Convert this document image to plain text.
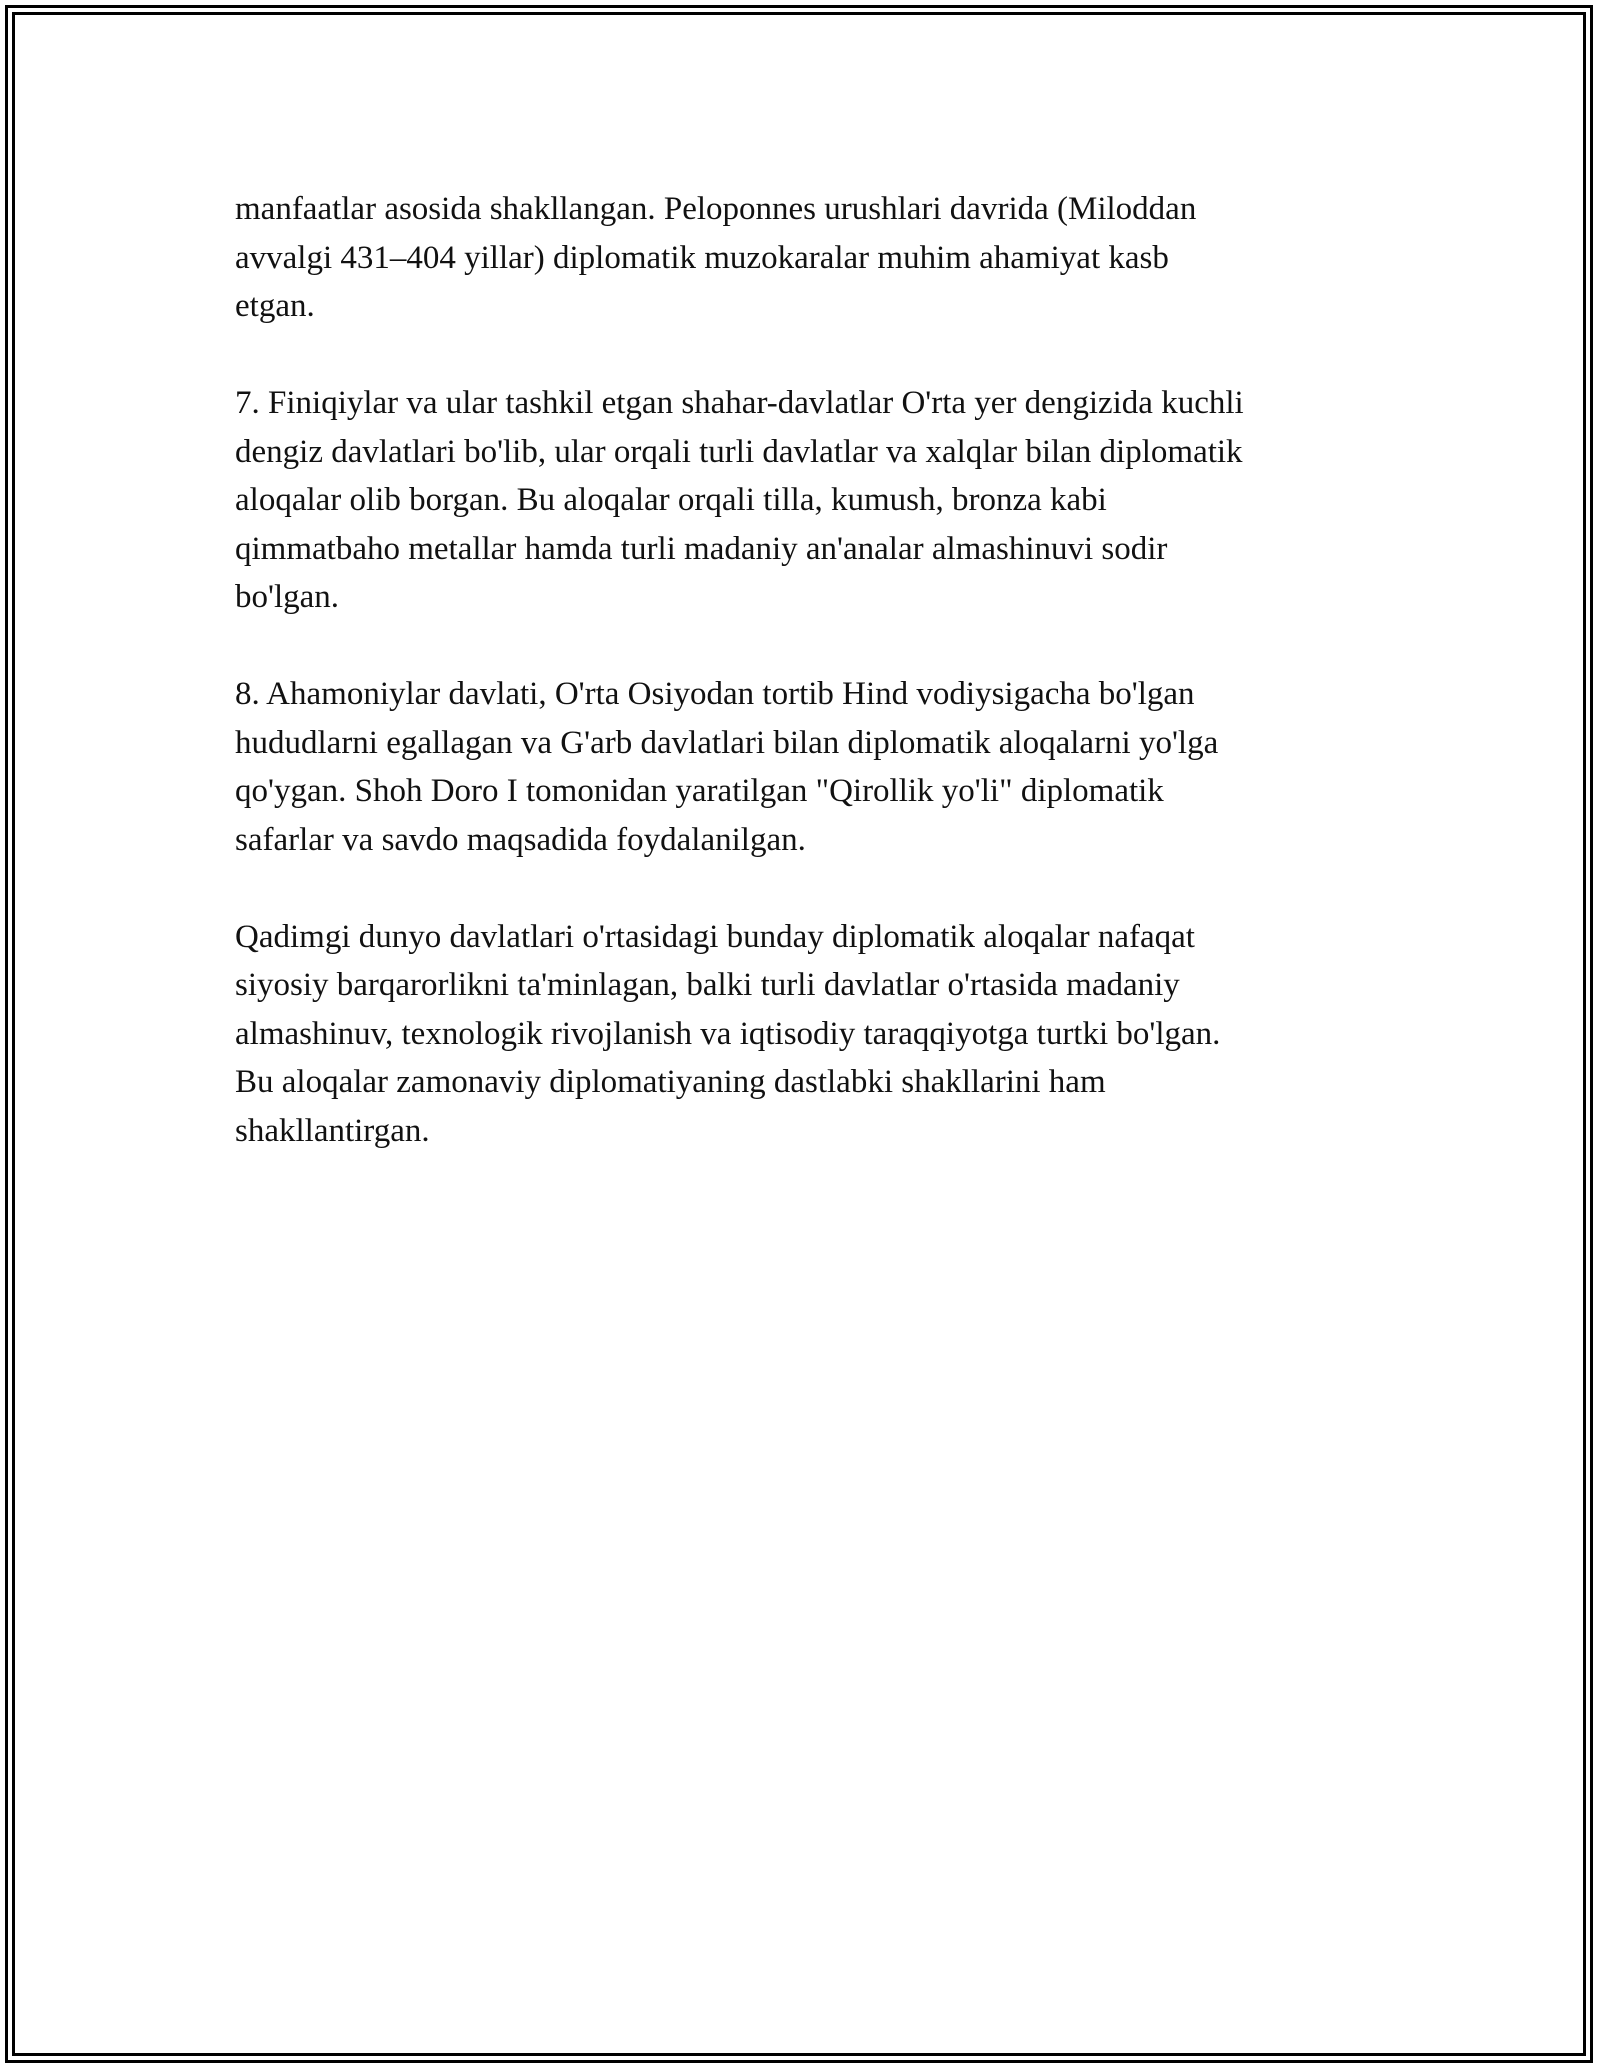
manfaatlar asosida shakllangan. Peloponnes urushlari davrida (Miloddan
avvalgi 431–404 yillar) diplomatik muzokaralar muhim ahamiyat kasb
etgan.
7. Finiqiylar va ular tashkil etgan shahar-davlatlar O'rta yer dengizida kuchli
dengiz davlatlari bo'lib, ular orqali turli davlatlar va xalqlar bilan diplomatik
aloqalar olib borgan. Bu aloqalar orqali tilla, kumush, bronza kabi
qimmatbaho metallar hamda turli madaniy an'analar almashinuvi sodir
bo'lgan.
8. Ahamoniylar davlati, O'rta Osiyodan tortib Hind vodiysigacha bo'lgan
hududlarni egallagan va G'arb davlatlari bilan diplomatik aloqalarni yo'lga
qo'ygan. Shoh Doro I tomonidan yaratilgan "Qirollik yo'li" diplomatik
safarlar va savdo maqsadida foydalanilgan.
Qadimgi dunyo davlatlari o'rtasidagi bunday diplomatik aloqalar nafaqat
siyosiy barqarorlikni ta'minlagan, balki turli davlatlar o'rtasida madaniy
almashinuv, texnologik rivojlanish va iqtisodiy taraqqiyotga turtki bo'lgan.
Bu aloqalar zamonaviy diplomatiyaning dastlabki shakllarini ham
shakllantirgan.
